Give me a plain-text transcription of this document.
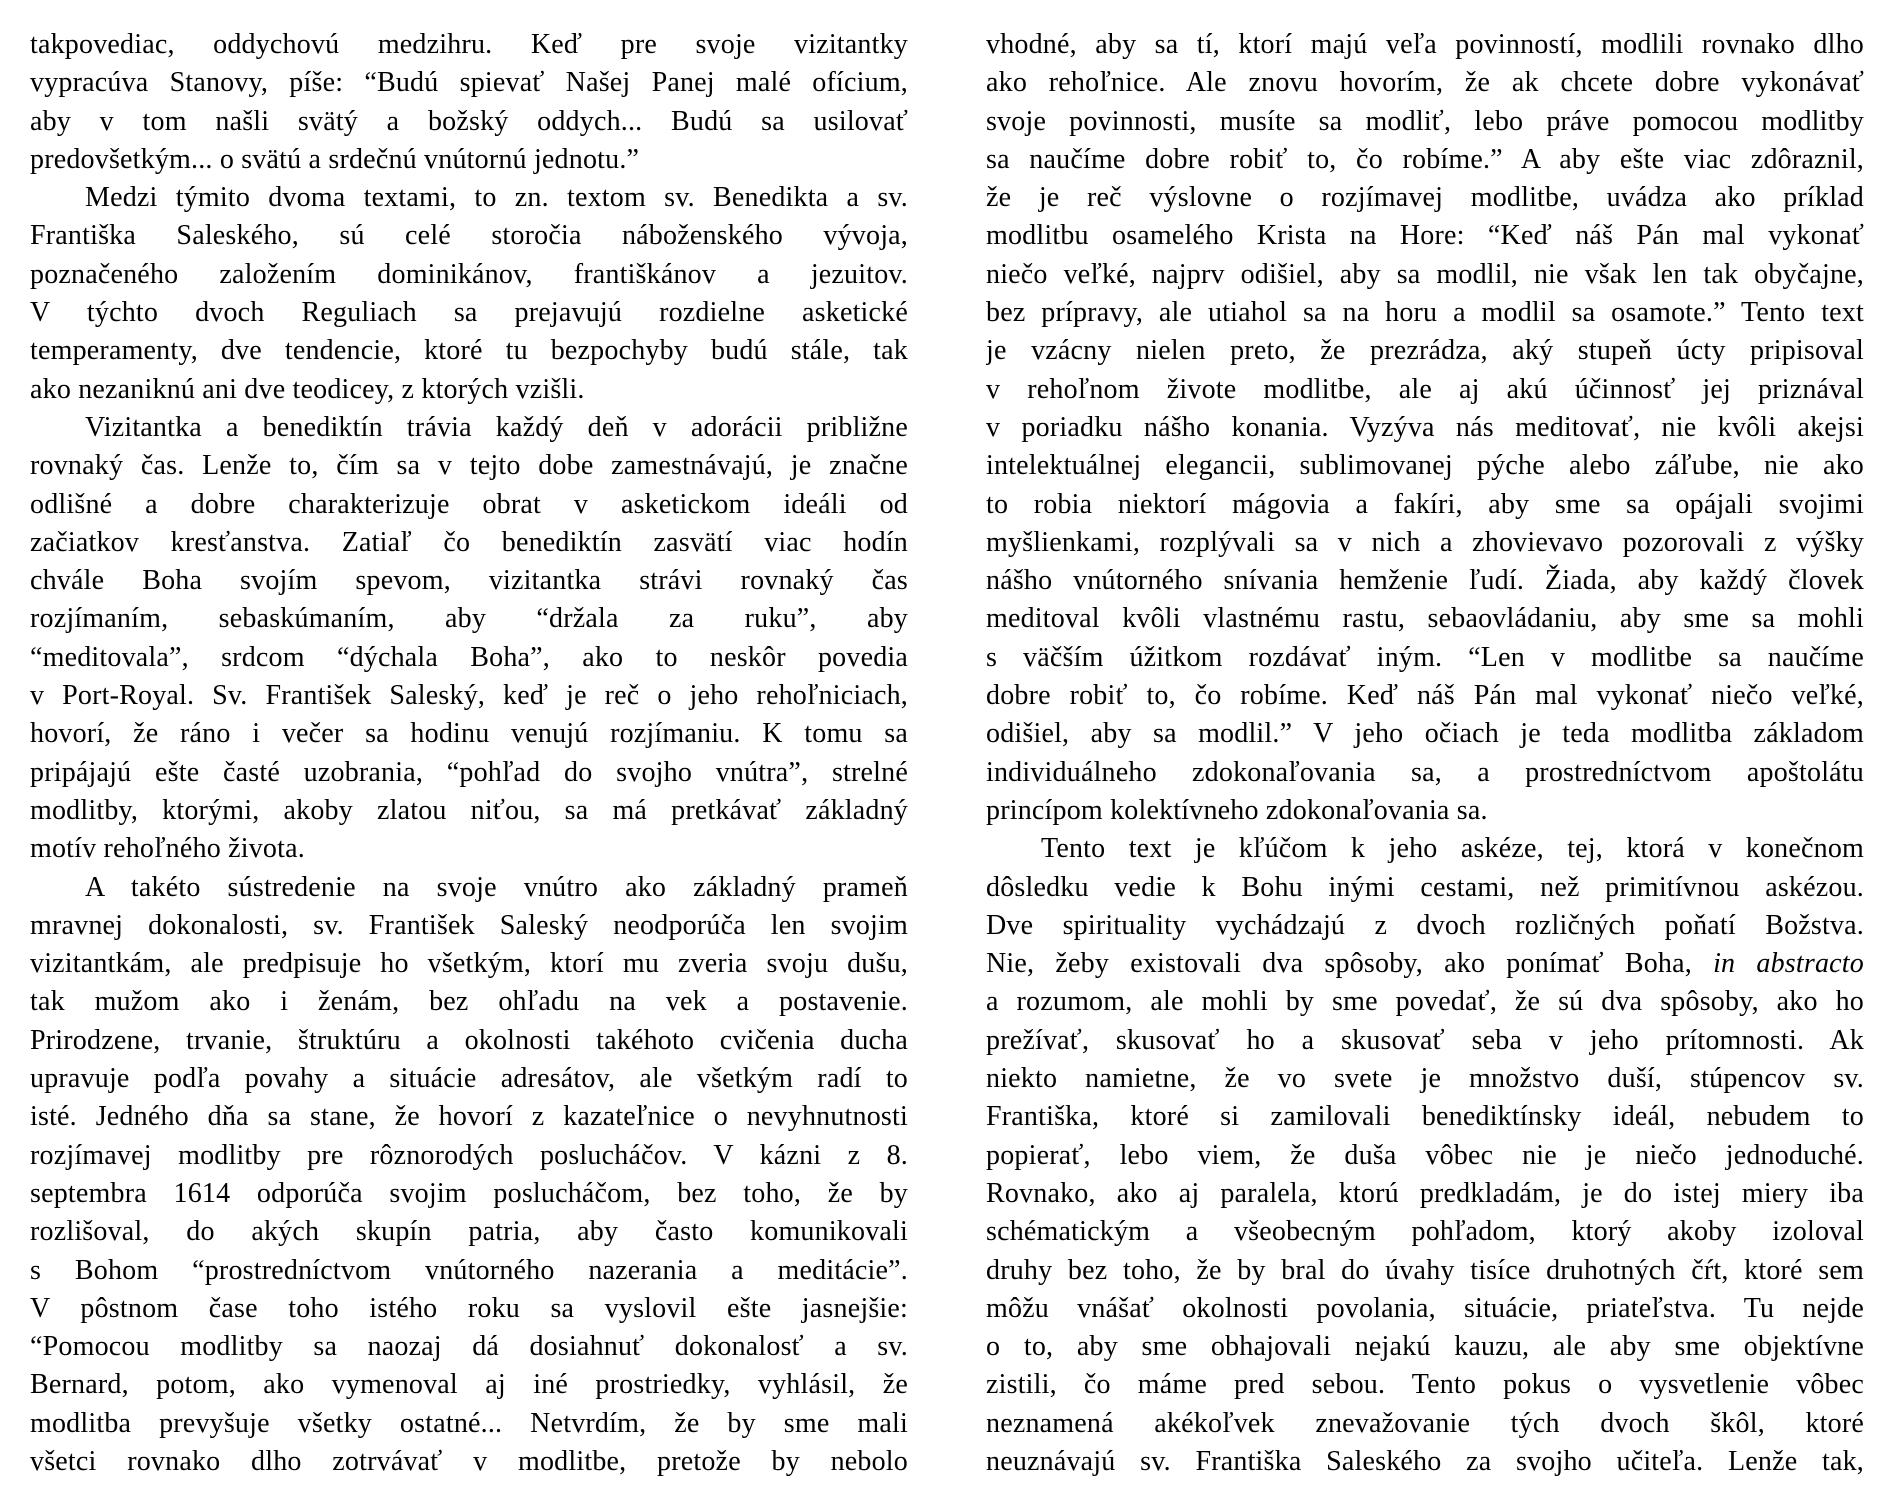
takpovediac, oddychovú medzihru. Keď pre svoje vizitantky
vypracúva Stanovy, píše: “Budú spievať Našej Panej malé ofícium,
aby v tom našli svätý a božský oddych... Budú sa usilovať
predovšetkým... o svätú a srdečnú vnútornú jednotu.”
Medzi týmito dvoma textami, to zn. textom sv. Benedikta a sv.
Františka Saleského, sú celé storočia náboženského vývoja,
poznačeného založením dominikánov, františkánov a jezuitov.
V týchto dvoch Reguliach sa prejavujú rozdielne asketické
temperamenty, dve tendencie, ktoré tu bezpochyby budú stále, tak
ako nezaniknú ani dve teodicey, z ktorých vzišli.
Vizitantka a benediktín trávia každý deň v adorácii približne
rovnaký čas. Lenže to, čím sa v tejto dobe zamestnávajú, je značne
odlišné a dobre charakterizuje obrat v asketickom ideáli od
začiatkov kresťanstva. Zatiaľ čo benediktín zasvätí viac hodín
chvále Boha svojím spevom, vizitantka strávi rovnaký čas
rozjímaním, sebaskúmaním, aby “držala za ruku”, aby
“meditovala”, srdcom “dýchala Boha”, ako to neskôr povedia
v Port-Royal. Sv. František Saleský, keď je reč o jeho rehoľniciach,
hovorí, že ráno i večer sa hodinu venujú rozjímaniu. K tomu sa
pripájajú ešte časté uzobrania, “pohľad do svojho vnútra”, strelné
modlitby, ktorými, akoby zlatou niťou, sa má pretkávať základný
motív rehoľného života.
A takéto sústredenie na svoje vnútro ako základný prameň
mravnej dokonalosti, sv. František Saleský neodporúča len svojim
vizitantkám, ale predpisuje ho všetkým, ktorí mu zveria svoju dušu,
tak mužom ako i ženám, bez ohľadu na vek a postavenie.
Prirodzene, trvanie, štruktúru a okolnosti takéhoto cvičenia ducha
upravuje podľa povahy a situácie adresátov, ale všetkým radí to
isté. Jedného dňa sa stane, že hovorí z kazateľnice o nevyhnutnosti
rozjímavej modlitby pre rôznorodých poslucháčov. V kázni z 8.
septembra 1614 odporúča svojim poslucháčom, bez toho, že by
rozlišoval, do akých skupín patria, aby často komunikovali
s Bohom “prostredníctvom vnútorného nazerania a meditácie”.
V pôstnom čase toho istého roku sa vyslovil ešte jasnejšie:
“Pomocou modlitby sa naozaj dá dosiahnuť dokonalosť a sv.
Bernard, potom, ako vymenoval aj iné prostriedky, vyhlásil, že
modlitba prevyšuje všetky ostatné... Netvrdím, že by sme mali
všetci rovnako dlho zotrvávať v modlitbe, pretože by nebolo
vhodné, aby sa tí, ktorí majú veľa povinností, modlili rovnako dlho
ako rehoľnice. Ale znovu hovorím, že ak chcete dobre vykonávať
svoje povinnosti, musíte sa modliť, lebo práve pomocou modlitby
sa naučíme dobre robiť to, čo robíme.” A aby ešte viac zdôraznil,
že je reč výslovne o rozjímavej modlitbe, uvádza ako príklad
modlitbu osamelého Krista na Hore: “Keď náš Pán mal vykonať
niečo veľké, najprv odišiel, aby sa modlil, nie však len tak obyčajne,
bez prípravy, ale utiahol sa na horu a modlil sa osamote.” Tento text
je vzácny nielen preto, že prezrádza, aký stupeň úcty pripisoval
v rehoľnom živote modlitbe, ale aj akú účinnosť jej priznával
v poriadku nášho konania. Vyzýva nás meditovať, nie kvôli akejsi
intelektuálnej elegancii, sublimovanej pýche alebo záľube, nie ako
to robia niektorí mágovia a fakíri, aby sme sa opájali svojimi
myšlienkami, rozplývali sa v nich a zhovievavo pozorovali z výšky
nášho vnútorného snívania hemženie ľudí. Žiada, aby každý človek
meditoval kvôli vlastnému rastu, sebaovládaniu, aby sme sa mohli
s väčším úžitkom rozdávať iným. “Len v modlitbe sa naučíme
dobre robiť to, čo robíme. Keď náš Pán mal vykonať niečo veľké,
odišiel, aby sa modlil.” V jeho očiach je teda modlitba základom
individuálneho zdokonaľovania sa, a prostredníctvom apoštolátu
princípom kolektívneho zdokonaľovania sa.
Tento text je kľúčom k jeho askéze, tej, ktorá v konečnom
dôsledku vedie k Bohu inými cestami, než primitívnou askézou.
Dve spirituality vychádzajú z dvoch rozličných poňatí Božstva.
Nie, žeby existovali dva spôsoby, ako ponímať Boha, in abstracto
a rozumom, ale mohli by sme povedať, že sú dva spôsoby, ako ho
prežívať, skusovať ho a skusovať seba v jeho prítomnosti. Ak
niekto namietne, že vo svete je množstvo duší, stúpencov sv.
Františka, ktoré si zamilovali benediktínsky ideál, nebudem to
popierať, lebo viem, že duša vôbec nie je niečo jednoduché.
Rovnako, ako aj paralela, ktorú predkladám, je do istej miery iba
schématickým a všeobecným pohľadom, ktorý akoby izoloval
druhy bez toho, že by bral do úvahy tisíce druhotných čŕt, ktoré sem
môžu vnášať okolnosti povolania, situácie, priateľstva. Tu nejde
o to, aby sme obhajovali nejakú kauzu, ale aby sme objektívne
zistili, čo máme pred sebou. Tento pokus o vysvetlenie vôbec
neznamená akékoľvek znevažovanie tých dvoch škôl, ktoré
neuznávajú sv. Františka Saleského za svojho učiteľa. Lenže tak,
